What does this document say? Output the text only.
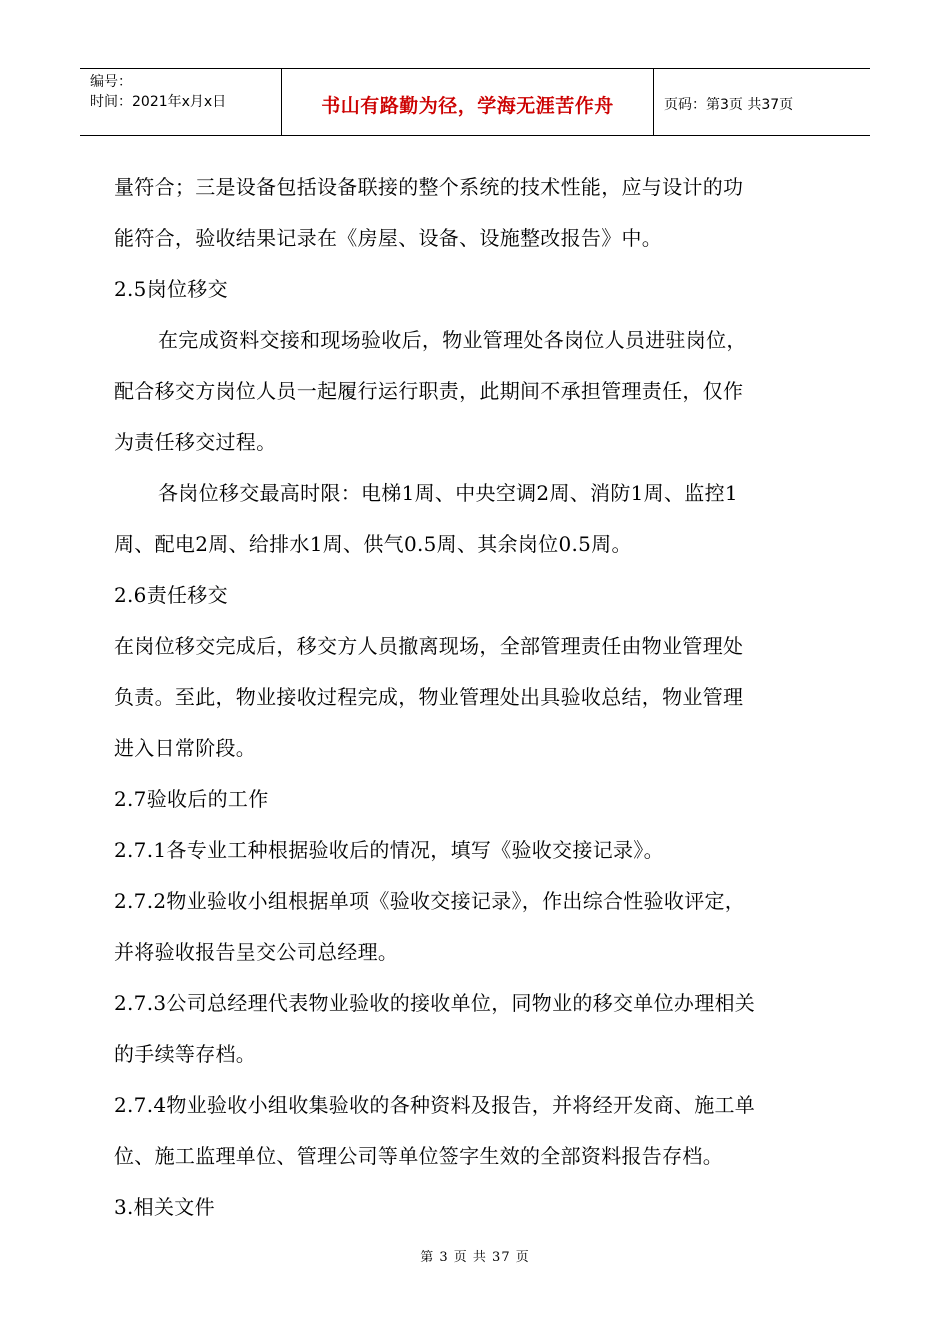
编号：
时间：2021年x月x日	书山有路勤为径，学海无涯苦作舟	页码：第3页 共37页
量符合；三是设备包括设备联接的整个系统的技术性能，应与设计的功
能符合，验收结果记录在《房屋、设备、设施整改报告》中。
2.5岗位移交
在完成资料交接和现场验收后，物业管理处各岗位人员进驻岗位，
配合移交方岗位人员一起履行运行职责，此期间不承担管理责任，仅作
为责任移交过程。
各岗位移交最高时限：电梯1周、中央空调2周、消防1周、监控1
周、配电2周、给排水1周、供气0.5周、其余岗位0.5周。
2.6责任移交
在岗位移交完成后，移交方人员撤离现场，全部管理责任由物业管理处
负责。至此，物业接收过程完成，物业管理处出具验收总结，物业管理
进入日常阶段。
2.7验收后的工作
2.7.1各专业工种根据验收后的情况，填写《验收交接记录》。
2.7.2物业验收小组根据单项《验收交接记录》，作出综合性验收评定，
并将验收报告呈交公司总经理。
2.7.3公司总经理代表物业验收的接收单位，同物业的移交单位办理相关
的手续等存档。
2.7.4物业验收小组收集验收的各种资料及报告，并将经开发商、施工单
位、施工监理单位、管理公司等单位签字生效的全部资料报告存档。
3.相关文件
第 3 页 共 37 页
